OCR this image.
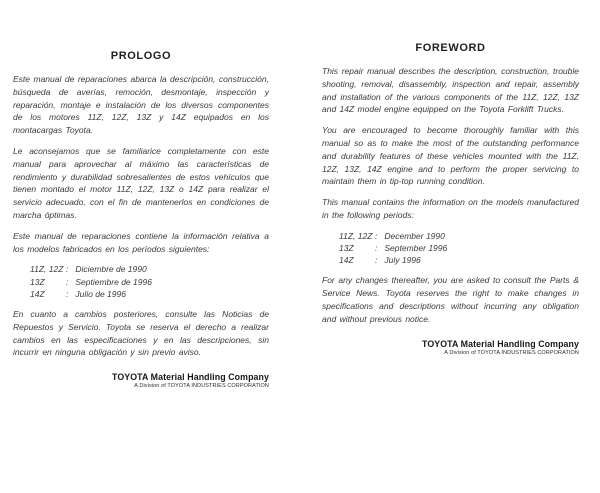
PROLOGO

Este manual de reparaciones abarca la descripción, construcción, búsqueda de averías, remoción, desmontaje, inspección y reparación, montaje e instalación de los diversos componentes de los motores 11Z, 12Z, 13Z y 14Z equipados en los montacargas Toyota.

Le aconsejamos que se familiarice completamente con este manual para aprovechar al máximo las características de rendimiento y durabilidad sobresalientes de estos vehículos que tienen montado el motor 11Z, 12Z, 13Z o 14Z para realizar el servicio adecuado, con el fin de mantenerlos en condiciones de marcha óptimas.

Este manual de reparaciones contiene la información relativa a los modelos fabricados en los períodos siguientes:

11Z, 12Z : Diciembre de 1990
13Z	: Septiembre de 1996
14Z	: Julio de 1996

En cuanto a cambios posteriores, consulte las Noticias de Repuestos y Servicio. Toyota se reserva el derecho a realizar cambios en las especificaciones y en las descripciones, sin incurrir en ninguna obligación y sin previo aviso.

TOYOTA Material Handling Company
A Division of TOYOTA INDUSTRIES CORPORATION
FOREWORD

This repair manual describes the description, construction, trouble shooting, removal, disassembly, inspection and repair, assembly and installation of the various components of the 11Z, 12Z, 13Z and 14Z model engine equipped on the Toyota Forklift Trucks.

You are encouraged to become thoroughly familiar with this manual so as to make the most of the outstanding performance and durability features of these vehicles mounted with the 11Z, 12Z, 13Z, 14Z engine and to perform the proper servicing to maintain them in tip-top running condition.

This manual contains the information on the models manufactured in the following periods:

11Z, 12Z : December 1990
13Z	: September 1996
14Z	: July 1996

For any changes thereafter, you are asked to consult the Parts & Service News. Toyota reserves the right to make changes in specifications and descriptions without incurring any obligation and without previous notice.

TOYOTA Material Handling Company
A Division of TOYOTA INDUSTRIES CORPORATION
